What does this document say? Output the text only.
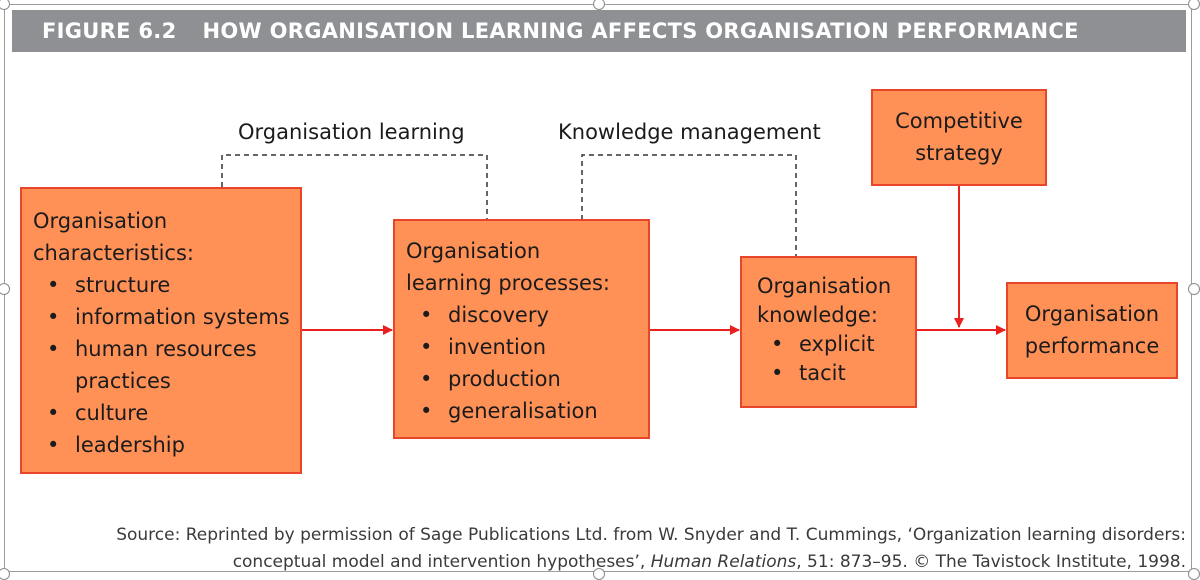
FIGURE 6.2 HOW ORGANISATION LEARNING AFFECTS ORGANISATION PERFORMANCE
Organisation learning	Knowledge management
Organisation
characteristics:
• structure
• information systems
• human resources practices
• culture
• leadership
Organisation
learning processes:
• discovery
• invention
• production
• generalisation
Organisation
knowledge:
• explicit
• tacit
Competitive
strategy
Organisation
performance
Source: Reprinted by permission of Sage Publications Ltd. from W. Snyder and T. Cummings, ‘Organization learning disorders:
conceptual model and intervention hypotheses’, Human Relations, 51: 873–95. © The Tavistock Institute, 1998.
